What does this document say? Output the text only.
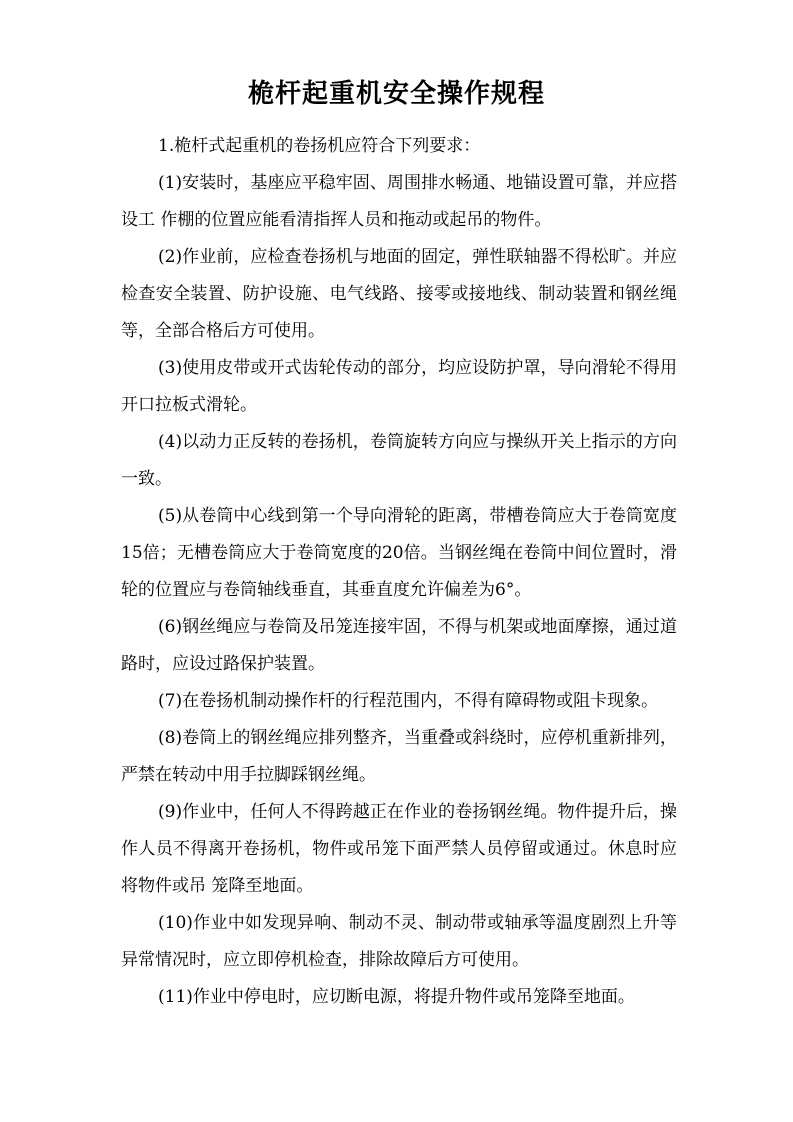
桅杆起重机安全操作规程

1.桅杆式起重机的卷扬机应符合下列要求：

(1)安装时，基座应平稳牢固、周围排水畅通、地锚设置可靠，并应搭设工 作棚的位置应能看清指挥人员和拖动或起吊的物件。

(2)作业前，应检查卷扬机与地面的固定，弹性联轴器不得松旷。并应检查安全装置、防护设施、电气线路、接零或接地线、制动装置和钢丝绳等，全部合格后方可使用。

(3)使用皮带或开式齿轮传动的部分，均应设防护罩，导向滑轮不得用开口拉板式滑轮。

(4)以动力正反转的卷扬机，卷筒旋转方向应与操纵开关上指示的方向一致。

(5)从卷筒中心线到第一个导向滑轮的距离，带槽卷筒应大于卷筒宽度15倍；无槽卷筒应大于卷筒宽度的20倍。当钢丝绳在卷筒中间位置时，滑轮的位置应与卷筒轴线垂直，其垂直度允许偏差为6°。

(6)钢丝绳应与卷筒及吊笼连接牢固，不得与机架或地面摩擦，通过道路时，应设过路保护装置。

(7)在卷扬机制动操作杆的行程范围内，不得有障碍物或阻卡现象。

(8)卷筒上的钢丝绳应排列整齐，当重叠或斜绕时，应停机重新排列，严禁在转动中用手拉脚踩钢丝绳。

(9)作业中，任何人不得跨越正在作业的卷扬钢丝绳。物件提升后，操作人员不得离开卷扬机，物件或吊笼下面严禁人员停留或通过。休息时应将物件或吊 笼降至地面。

(10)作业中如发现异响、制动不灵、制动带或轴承等温度剧烈上升等异常情况时，应立即停机检查，排除故障后方可使用。

(11)作业中停电时，应切断电源，将提升物件或吊笼降至地面。
